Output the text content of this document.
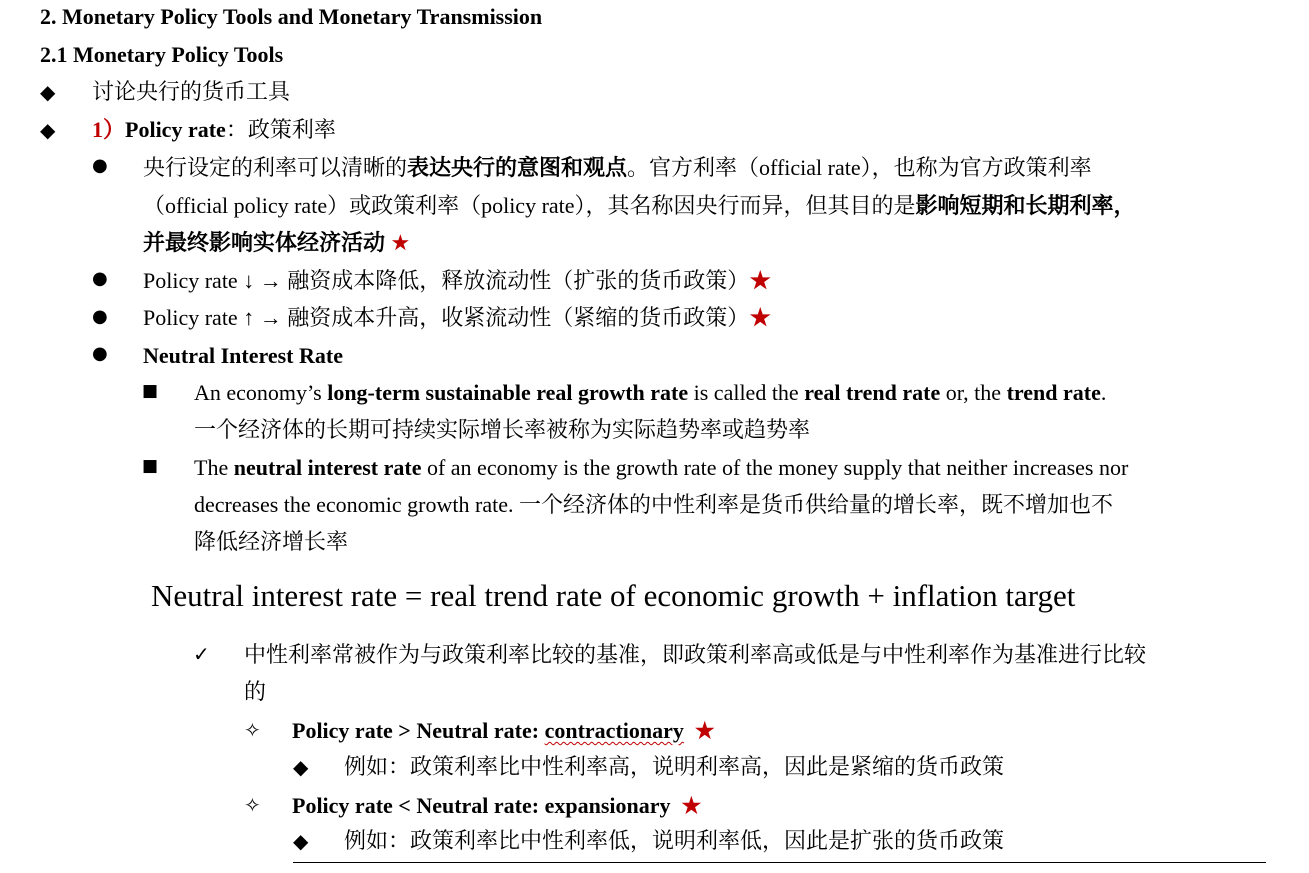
2. Monetary Policy Tools and Monetary Transmission
2.1 Monetary Policy Tools
◆ 讨论央行的货币工具
◆ 1）Policy rate：政策利率
● 央行设定的利率可以清晰的表达央行的意图和观点。官方利率（official rate），也称为官方政策利率
（official policy rate）或政策利率（policy rate），其名称因央行而异，但其目的是影响短期和长期利率，
并最终影响实体经济活动 ★
● Policy rate ↓ → 融资成本降低，释放流动性（扩张的货币政策）★
● Policy rate ↑ → 融资成本升高，收紧流动性（紧缩的货币政策）★
● Neutral Interest Rate
■ An economy’s long-term sustainable real growth rate is called the real trend rate or, the trend rate.
一个经济体的长期可持续实际增长率被称为实际趋势率或趋势率
■ The neutral interest rate of an economy is the growth rate of the money supply that neither increases nor
decreases the economic growth rate. 一个经济体的中性利率是货币供给量的增长率，既不增加也不
降低经济增长率
Neutral interest rate = real trend rate of economic growth + inflation target
✓ 中性利率常被作为与政策利率比较的基准，即政策利率高或低是与中性利率作为基准进行比较
的
✧ Policy rate > Neutral rate: contractionary ★
◆ 例如：政策利率比中性利率高，说明利率高，因此是紧缩的货币政策
✧ Policy rate < Neutral rate: expansionary ★
◆ 例如：政策利率比中性利率低，说明利率低，因此是扩张的货币政策
